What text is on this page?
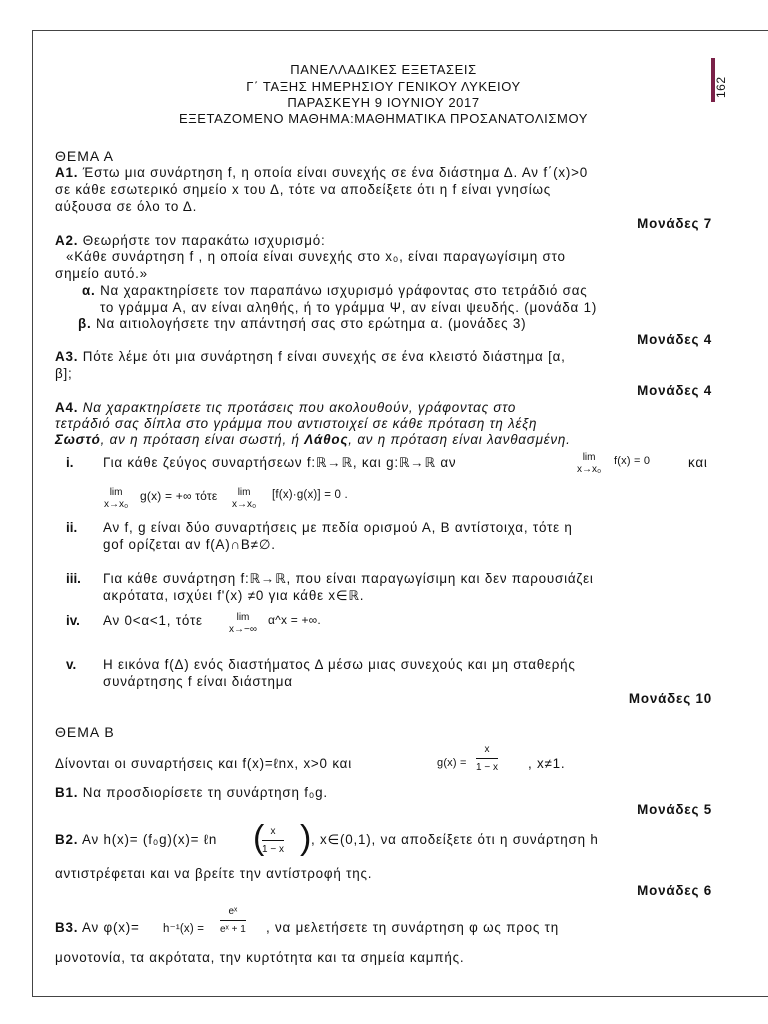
162
ΠΑΝΕΛΛΑΔΙΚΕΣ ΕΞΕΤΑΣΕΙΣ
Γ΄ ΤΑΞΗΣ ΗΜΕΡΗΣΙΟΥ ΓΕΝΙΚΟΥ ΛΥΚΕΙΟΥ
ΠΑΡΑΣΚΕΥΗ 9 ΙΟΥΝΙΟΥ 2017
ΕΞΕΤΑΖΟΜΕΝΟ ΜΑΘΗΜΑ:ΜΑΘΗΜΑΤΙΚΑ ΠΡΟΣΑΝΑΤΟΛΙΣΜΟΥ
ΘΕΜΑ Α
Α1. Έστω μια συνάρτηση f, η οποία είναι συνεχής σε ένα διάστημα Δ. Αν f΄(x)>0
σε κάθε εσωτερικό σημείο x του Δ, τότε να αποδείξετε ότι η f είναι γνησίως
αύξουσα σε όλο το Δ.
Μονάδες 7
Α2. Θεωρήστε τον παρακάτω ισχυρισμό:
«Κάθε συνάρτηση f , η οποία είναι συνεχής στο x₀, είναι παραγωγίσιμη στο
σημείο αυτό.»
α. Να χαρακτηρίσετε τον παραπάνω ισχυρισμό γράφοντας στο τετράδιό σας
το γράμμα Α, αν είναι αληθής, ή το γράμμα Ψ, αν είναι ψευδής. (μονάδα 1)
β. Να αιτιολογήσετε την απάντησή σας στο ερώτημα α. (μονάδες 3)
Μονάδες 4
Α3. Πότε λέμε ότι μια συνάρτηση f είναι συνεχής σε ένα κλειστό διάστημα [α,
β];
Μονάδες 4
Α4. Να χαρακτηρίσετε τις προτάσεις που ακολουθούν, γράφοντας στο
τετράδιό σας δίπλα στο γράμμα που αντιστοιχεί σε κάθε πρόταση τη λέξη
Σωστό, αν η πρόταση είναι σωστή, ή Λάθος, αν η πρόταση είναι λανθασμένη.
i. Για κάθε ζεύγος συναρτήσεων f:ℝ→ℝ, και g:ℝ→ℝ αν	lim
x→x₀
f(x) = 0	και
lim
x→x₀
g(x) = +∞ τότε	lim
x→x₀
[f(x)·g(x)] = 0 .
ii. Αν f, g είναι δύο συναρτήσεις με πεδία ορισμού Α, Β αντίστοιχα, τότε η
gof ορίζεται αν f(A)∩B≠∅.
iii. Για κάθε συνάρτηση f:ℝ→ℝ, που είναι παραγωγίσιμη και δεν παρουσιάζει
ακρότατα, ισχύει f'(x) ≠0 για κάθε x∈ℝ.
iv. Αν 0<α<1, τότε	lim
x→−∞
α^x = +∞.
v. Η εικόνα f(Δ) ενός διαστήματος Δ μέσω μιας συνεχούς και μη σταθερής
συνάρτησης f είναι διάστημα
Μονάδες 10
ΘΕΜΑ Β
Δίνονται οι συναρτήσεις και f(x)=ℓnx, x>0 και	$g(x) = \frac{x}{1 - x}$ , x≠1.
Β1. Να προσδιορίσετε τη συνάρτηση f₀g.
Μονάδες 5
Β2. Αν h(x)= (f₀g)(x)= ℓn (
$\frac{x}{1 - x}$ ) , x∈(0,1), να αποδείξετε ότι η συνάρτηση h
αντιστρέφεται και να βρείτε την αντίστροφή της.
Μονάδες 6
Β3. Αν $\varphi(x)= h^{-1}(x) = \frac{\text{eˣ}}{\text{eˣ + 1}}$ , να μελετήσετε τη συνάρτηση φ ως προς τη
μονοτονία, τα ακρότατα, την κυρτότητα και τα σημεία καμπής.
